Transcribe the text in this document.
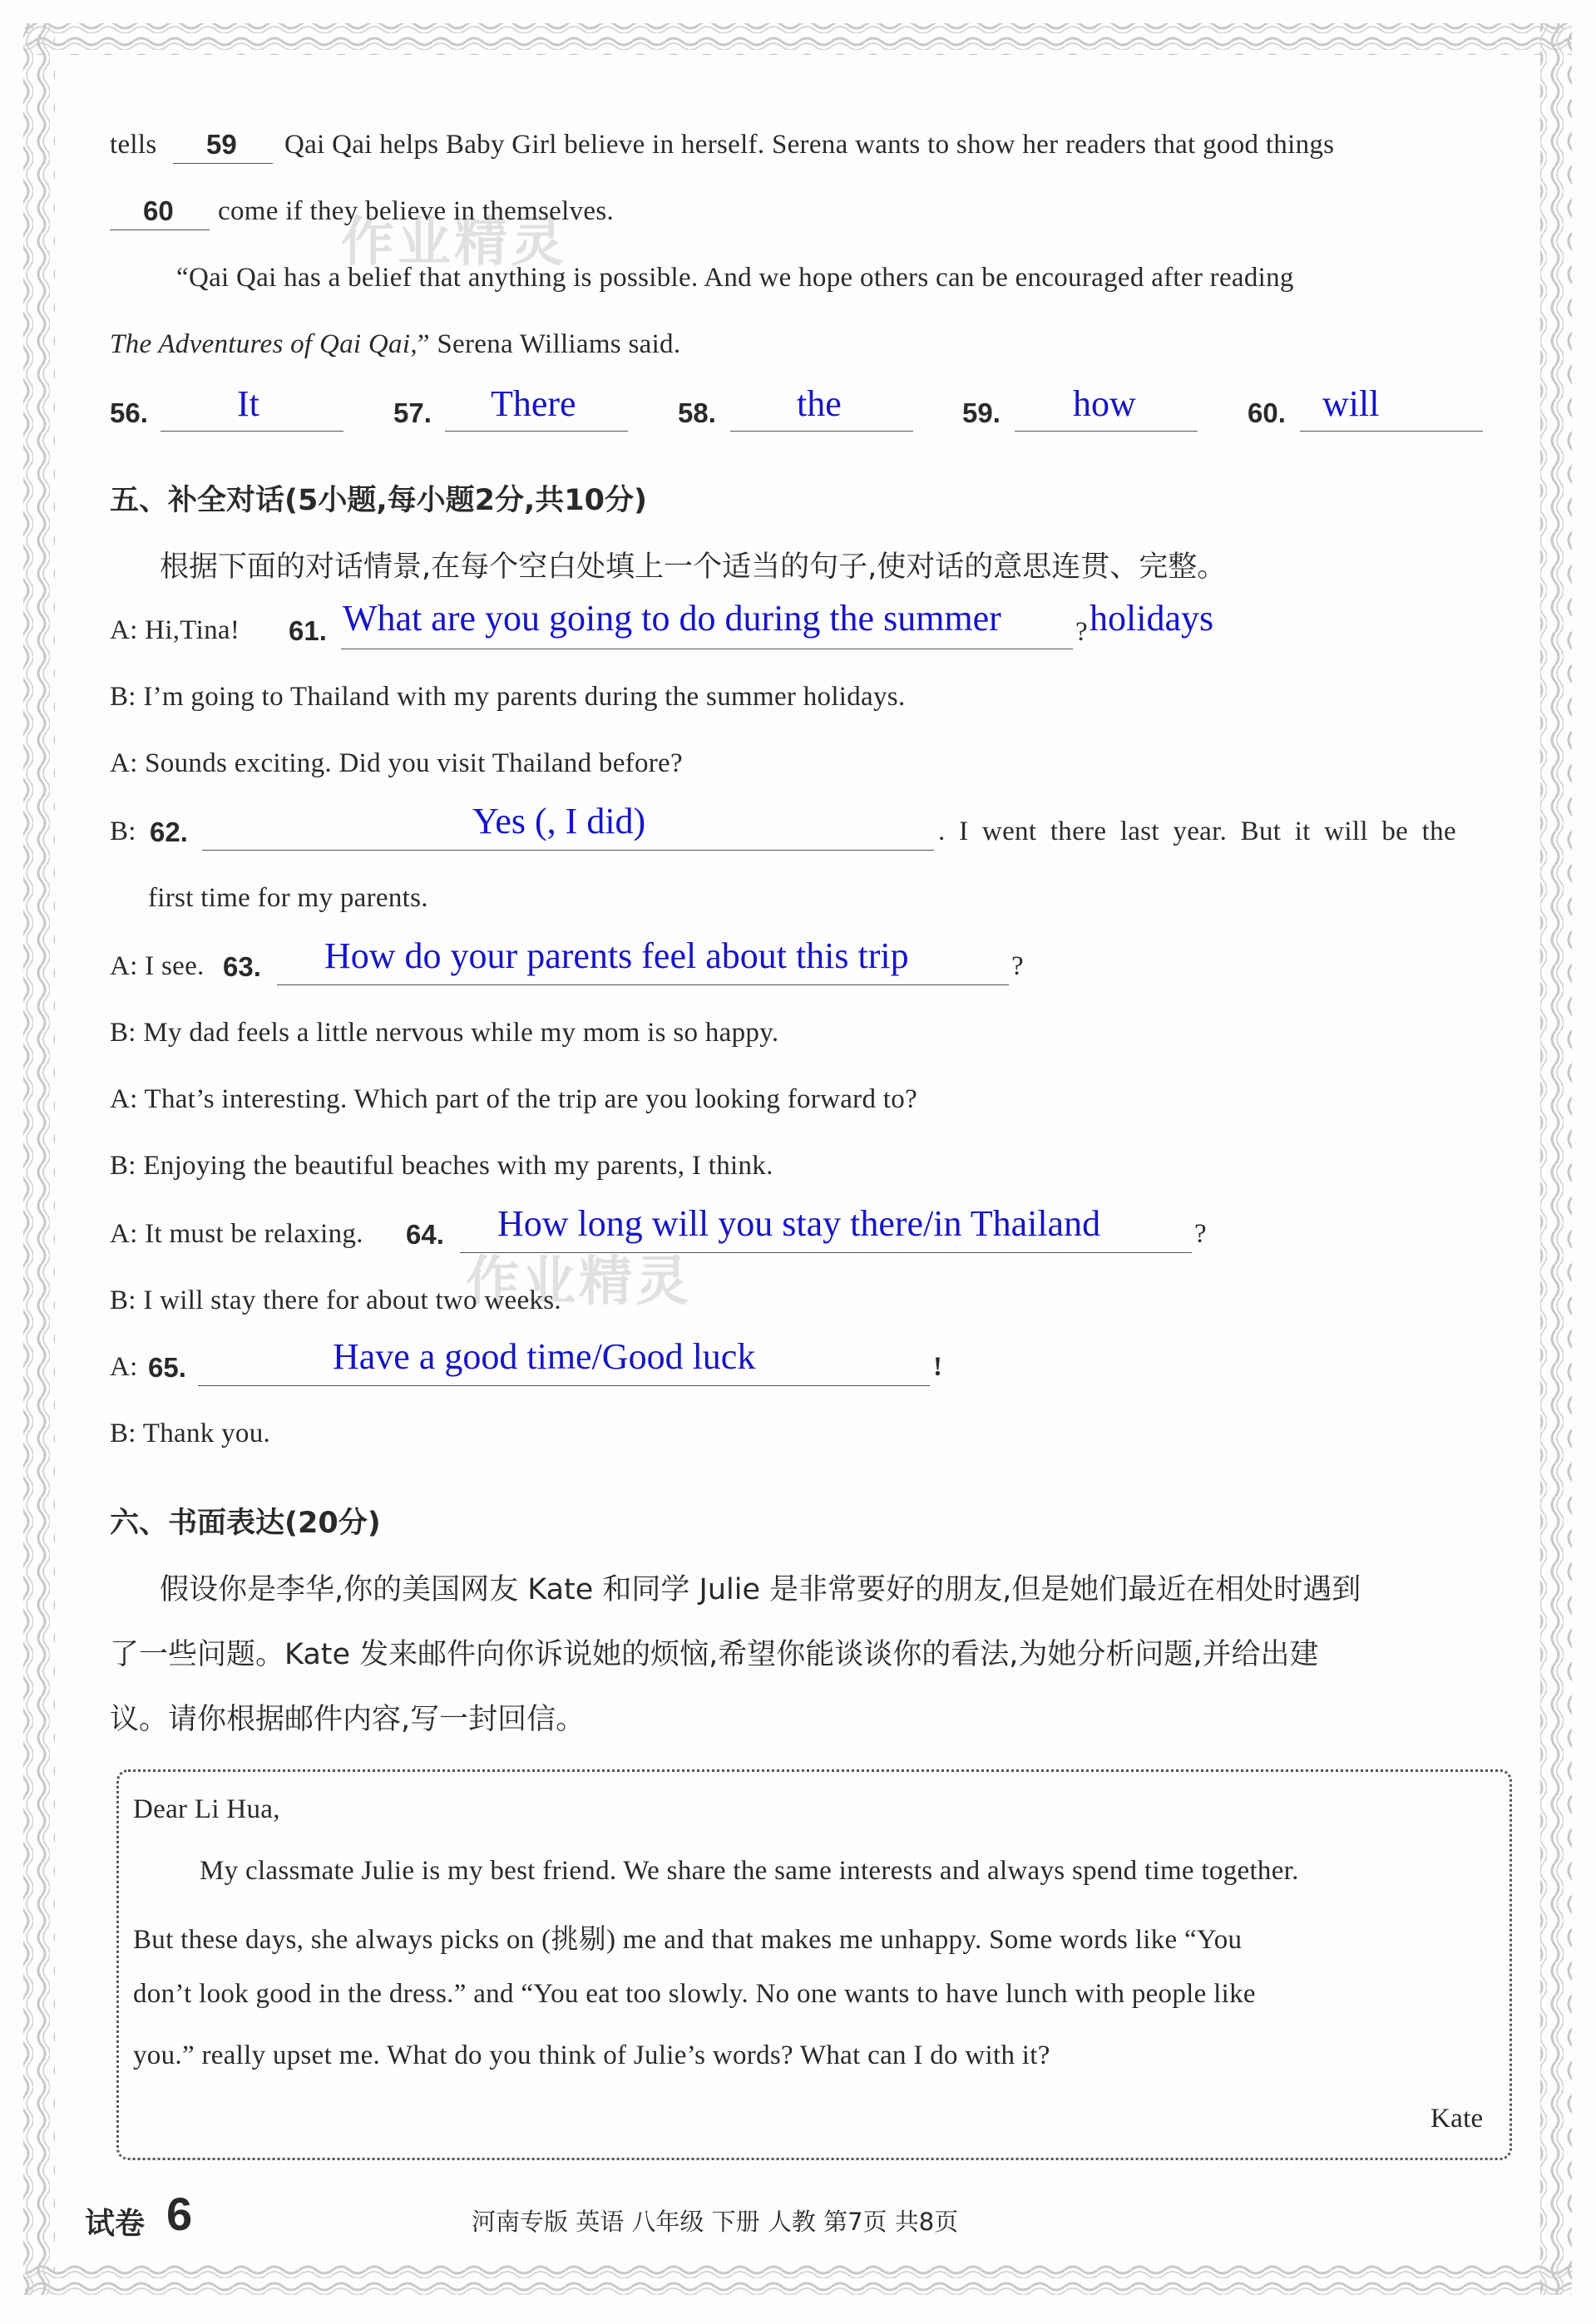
作业精灵
作业精灵
tells 59 Qai Qai helps Baby Girl believe in herself. Serena wants to show her readers that good things
60 come if they believe in themselves.
“Qai Qai has a belief that anything is possible. And we hope others can be encouraged after reading
The Adventures of Qai Qai,” Serena Williams said.
56. It	57. There	58. the	59. how	60. will
五、补全对话(5小题,每小题2分,共10分)
根据下面的对话情景,在每个空白处填上一个适当的句子,使对话的意思连贯、完整。
A: Hi,Tina! 61. What are you going to do during the summer	? holidays
B: I’m going to Thailand with my parents during the summer holidays.
A: Sounds exciting. Did you visit Thailand before?
B: 62.	Yes (, I did)	. I went there last year. But it will be the
first time for my parents.
A: I see. 63. How do your parents feel about this trip	?
B: My dad feels a little nervous while my mom is so happy.
A: That’s interesting. Which part of the trip are you looking forward to?
B: Enjoying the beautiful beaches with my parents, I think.
A: It must be relaxing. 64. How long will you stay there/in Thailand	?
B: I will stay there for about two weeks.
A: 65.	Have a good time/Good luck	!
B: Thank you.
六、书面表达(20分)
假设你是李华,你的美国网友 Kate 和同学 Julie 是非常要好的朋友,但是她们最近在相处时遇到
了一些问题。Kate 发来邮件向你诉说她的烦恼,希望你能谈谈你的看法,为她分析问题,并给出建
议。请你根据邮件内容,写一封回信。
Dear Li Hua,
My classmate Julie is my best friend. We share the same interests and always spend time together.
But these days, she always picks on (挑剔) me and that makes me unhappy. Some words like “You
don’t look good in the dress.” and “You eat too slowly. No one wants to have lunch with people like
you.” really upset me. What do you think of Julie’s words? What can I do with it?
Kate
试卷 6	河南专版 英语 八年级 下册 人教 第7页 共8页
